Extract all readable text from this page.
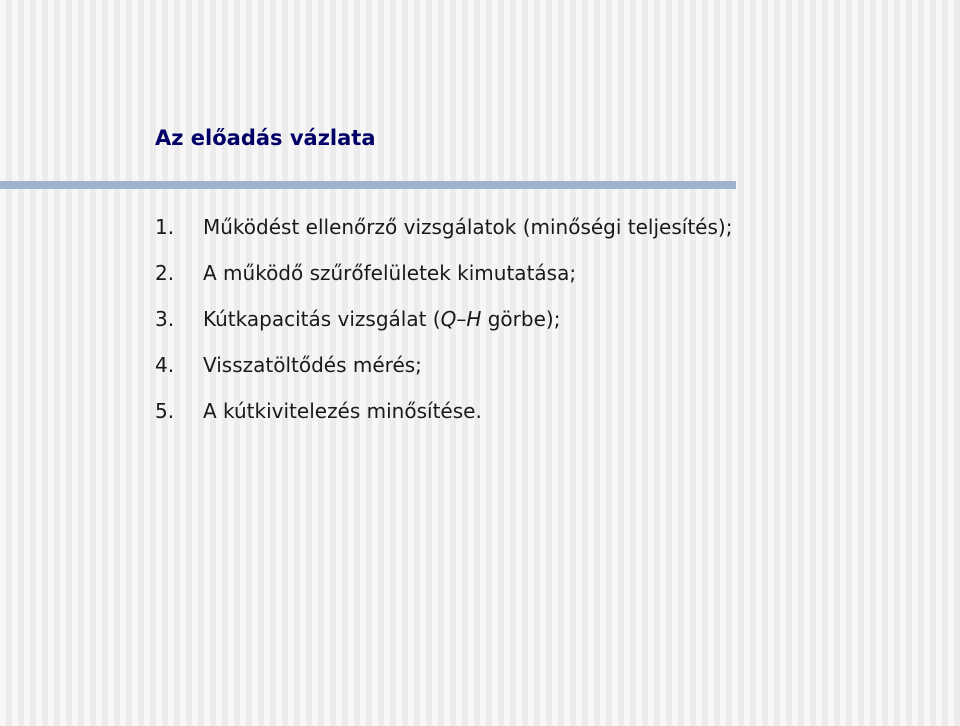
Az előadás vázlata
1.	Működést ellenőrző vizsgálatok (minőségi teljesítés);
2.	A működő szűrőfelületek kimutatása;
3.	Kútkapacitás vizsgálat (Q–H görbe);
4.	Visszatöltődés mérés;
5.	A kútkivitelezés minősítése.
